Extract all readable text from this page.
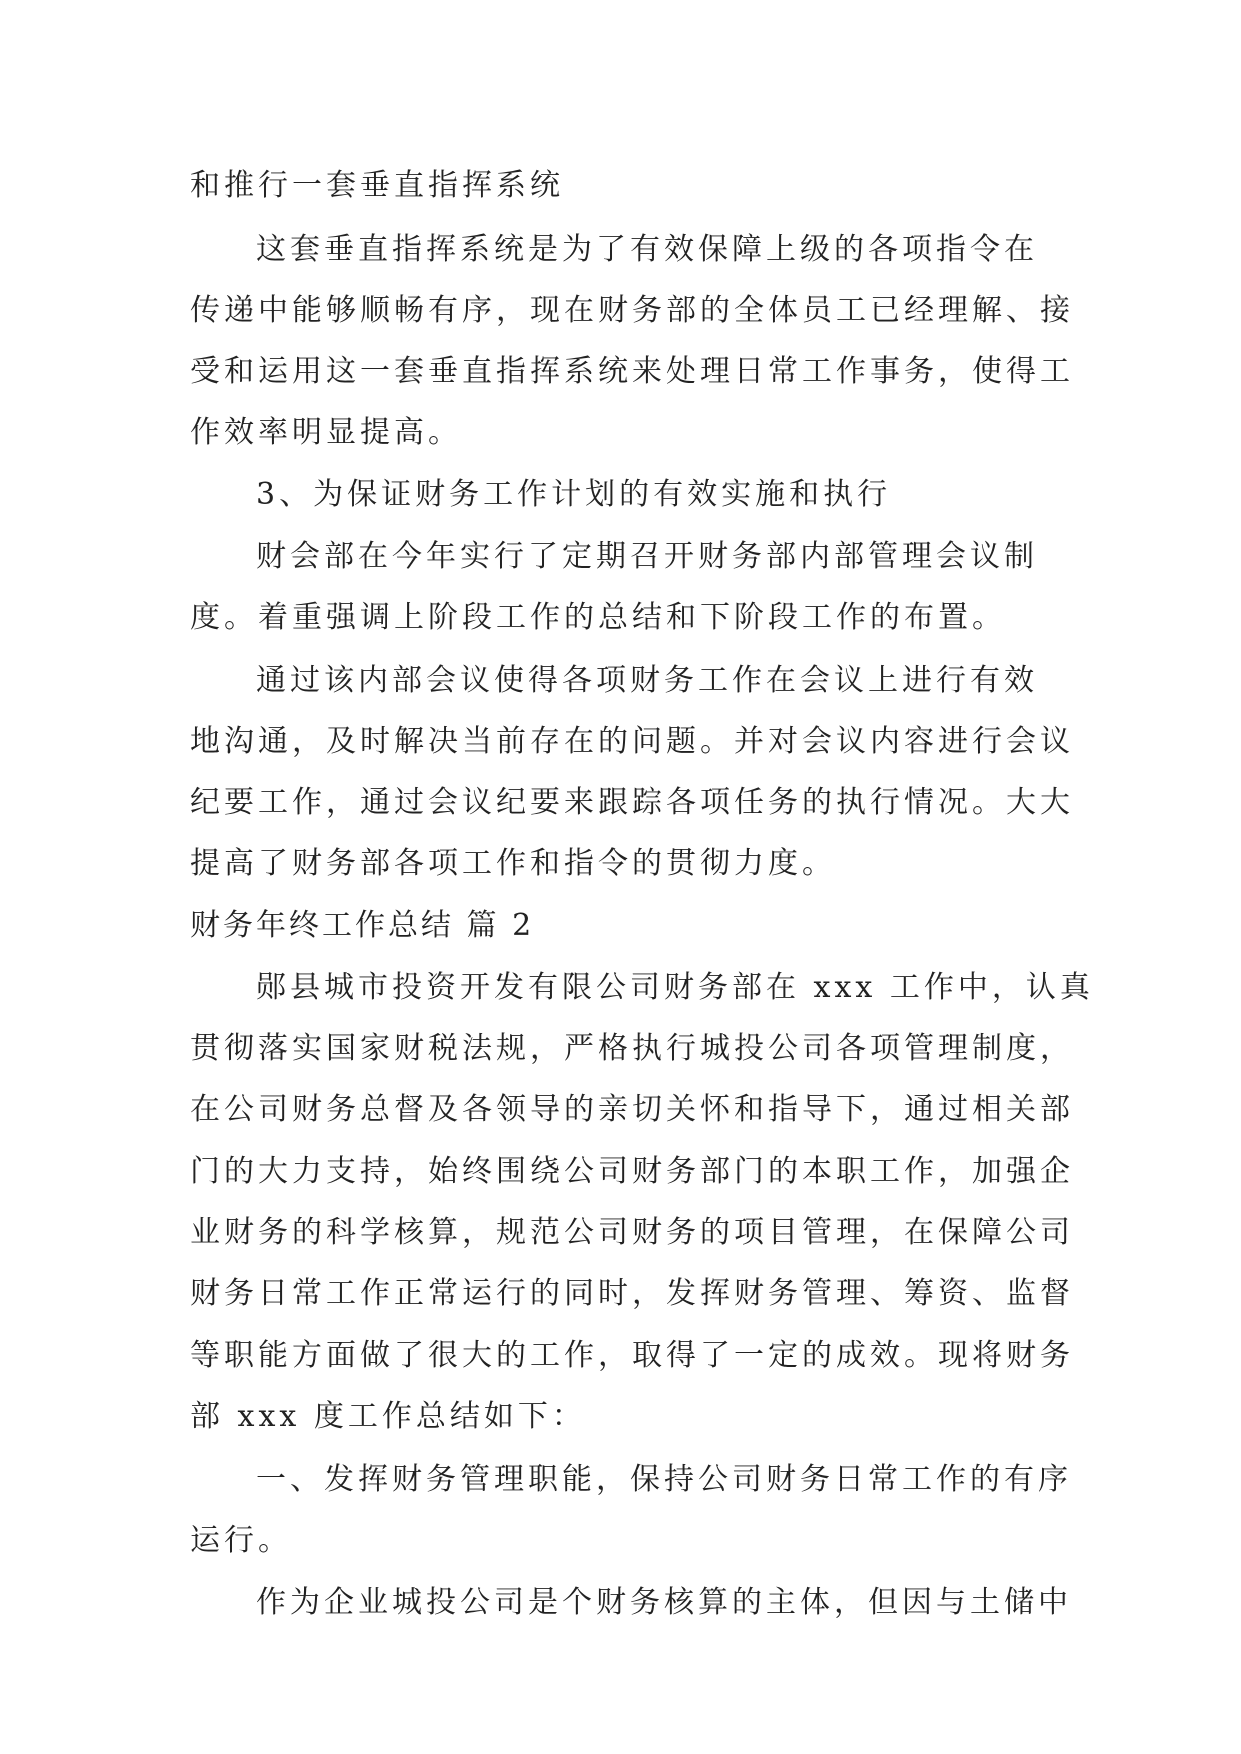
和推行一套垂直指挥系统
这套垂直指挥系统是为了有效保障上级的各项指令在
传递中能够顺畅有序，现在财务部的全体员工已经理解、接
受和运用这一套垂直指挥系统来处理日常工作事务，使得工
作效率明显提高。
3、为保证财务工作计划的有效实施和执行
财会部在今年实行了定期召开财务部内部管理会议制
度。着重强调上阶段工作的总结和下阶段工作的布置。
通过该内部会议使得各项财务工作在会议上进行有效
地沟通，及时解决当前存在的问题。并对会议内容进行会议
纪要工作，通过会议纪要来跟踪各项任务的执行情况。大大
提高了财务部各项工作和指令的贯彻力度。
财务年终工作总结 篇 2
郧县城市投资开发有限公司财务部在 xxx 工作中，认真
贯彻落实国家财税法规，严格执行城投公司各项管理制度，
在公司财务总督及各领导的亲切关怀和指导下，通过相关部
门的大力支持，始终围绕公司财务部门的本职工作，加强企
业财务的科学核算，规范公司财务的项目管理，在保障公司
财务日常工作正常运行的同时，发挥财务管理、筹资、监督
等职能方面做了很大的工作，取得了一定的成效。现将财务
部 xxx 度工作总结如下：
一、发挥财务管理职能，保持公司财务日常工作的有序
运行。
作为企业城投公司是个财务核算的主体，但因与土储中
